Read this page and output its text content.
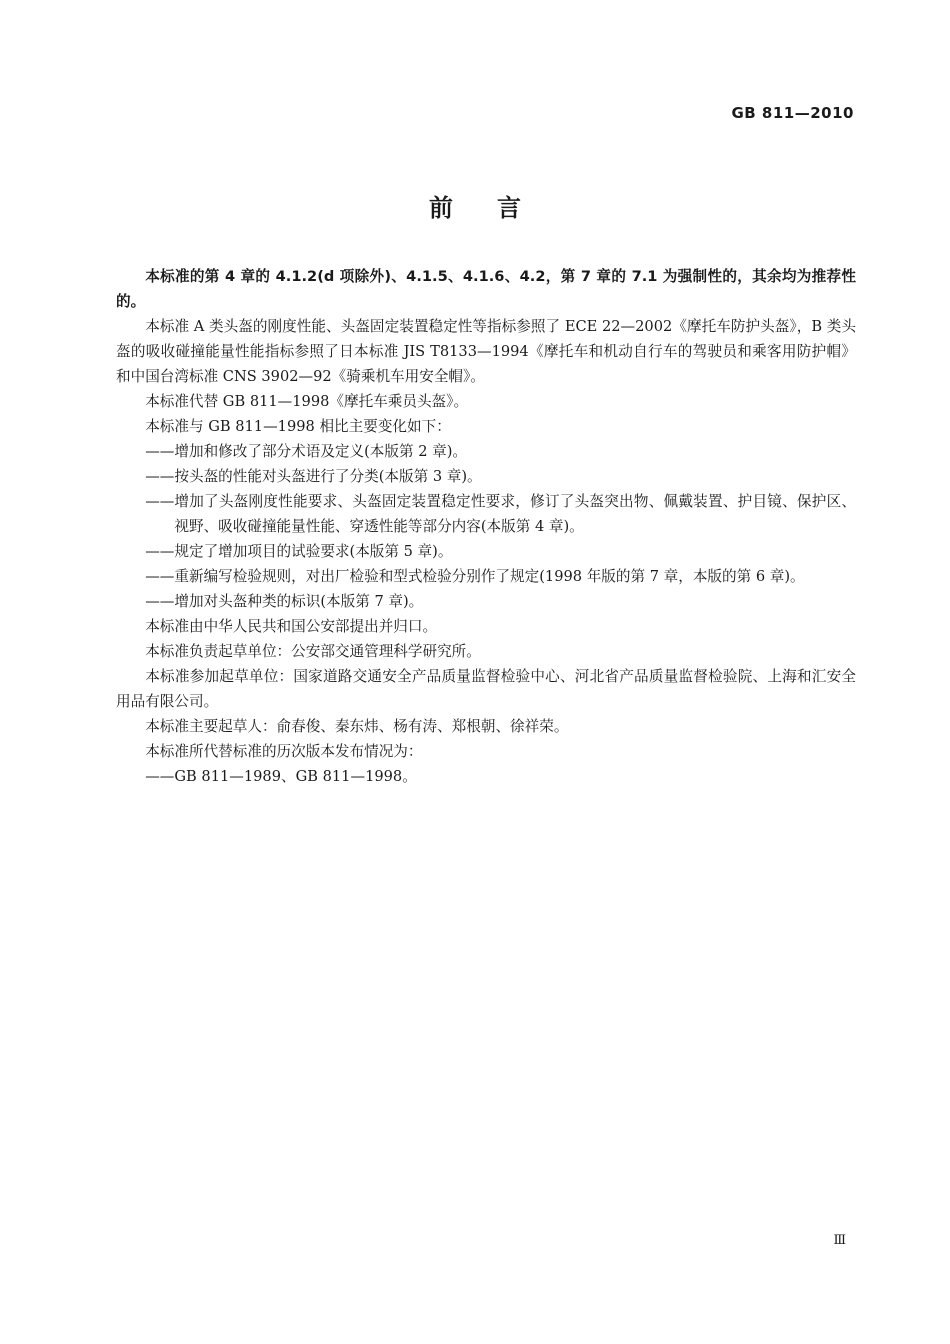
GB 811—2010
前言

本标准的第 4 章的 4.1.2(d 项除外)、4.1.5、4.1.6、4.2，第 7 章的 7.1 为强制性的，其余均为推荐性的。

本标准 A 类头盔的刚度性能、头盔固定装置稳定性等指标参照了 ECE 22—2002《摩托车防护头盔》，B 类头盔的吸收碰撞能量性能指标参照了日本标准 JIS T8133—1994《摩托车和机动自行车的驾驶员和乘客用防护帽》和中国台湾标准 CNS 3902—92《骑乘机车用安全帽》。

本标准代替 GB 811—1998《摩托车乘员头盔》。

本标准与 GB 811—1998 相比主要变化如下：

—— 增加和修改了部分术语及定义(本版第 2 章)。

—— 按头盔的性能对头盔进行了分类(本版第 3 章)。

—— 增加了头盔刚度性能要求、头盔固定装置稳定性要求，修订了头盔突出物、佩戴装置、护目镜、保护区、视野、吸收碰撞能量性能、穿透性能等部分内容(本版第 4 章)。

—— 规定了增加项目的试验要求(本版第 5 章)。

—— 重新编写检验规则，对出厂检验和型式检验分别作了规定(1998 年版的第 7 章，本版的第 6 章)。

—— 增加对头盔种类的标识(本版第 7 章)。

本标准由中华人民共和国公安部提出并归口。

本标准负责起草单位：公安部交通管理科学研究所。

本标准参加起草单位：国家道路交通安全产品质量监督检验中心、河北省产品质量监督检验院、上海和汇安全用品有限公司。

本标准主要起草人：俞春俊、秦东炜、杨有涛、郑根朝、徐祥荣。

本标准所代替标准的历次版本发布情况为：

—— GB 811—1989、GB 811—1998。

Ⅲ
